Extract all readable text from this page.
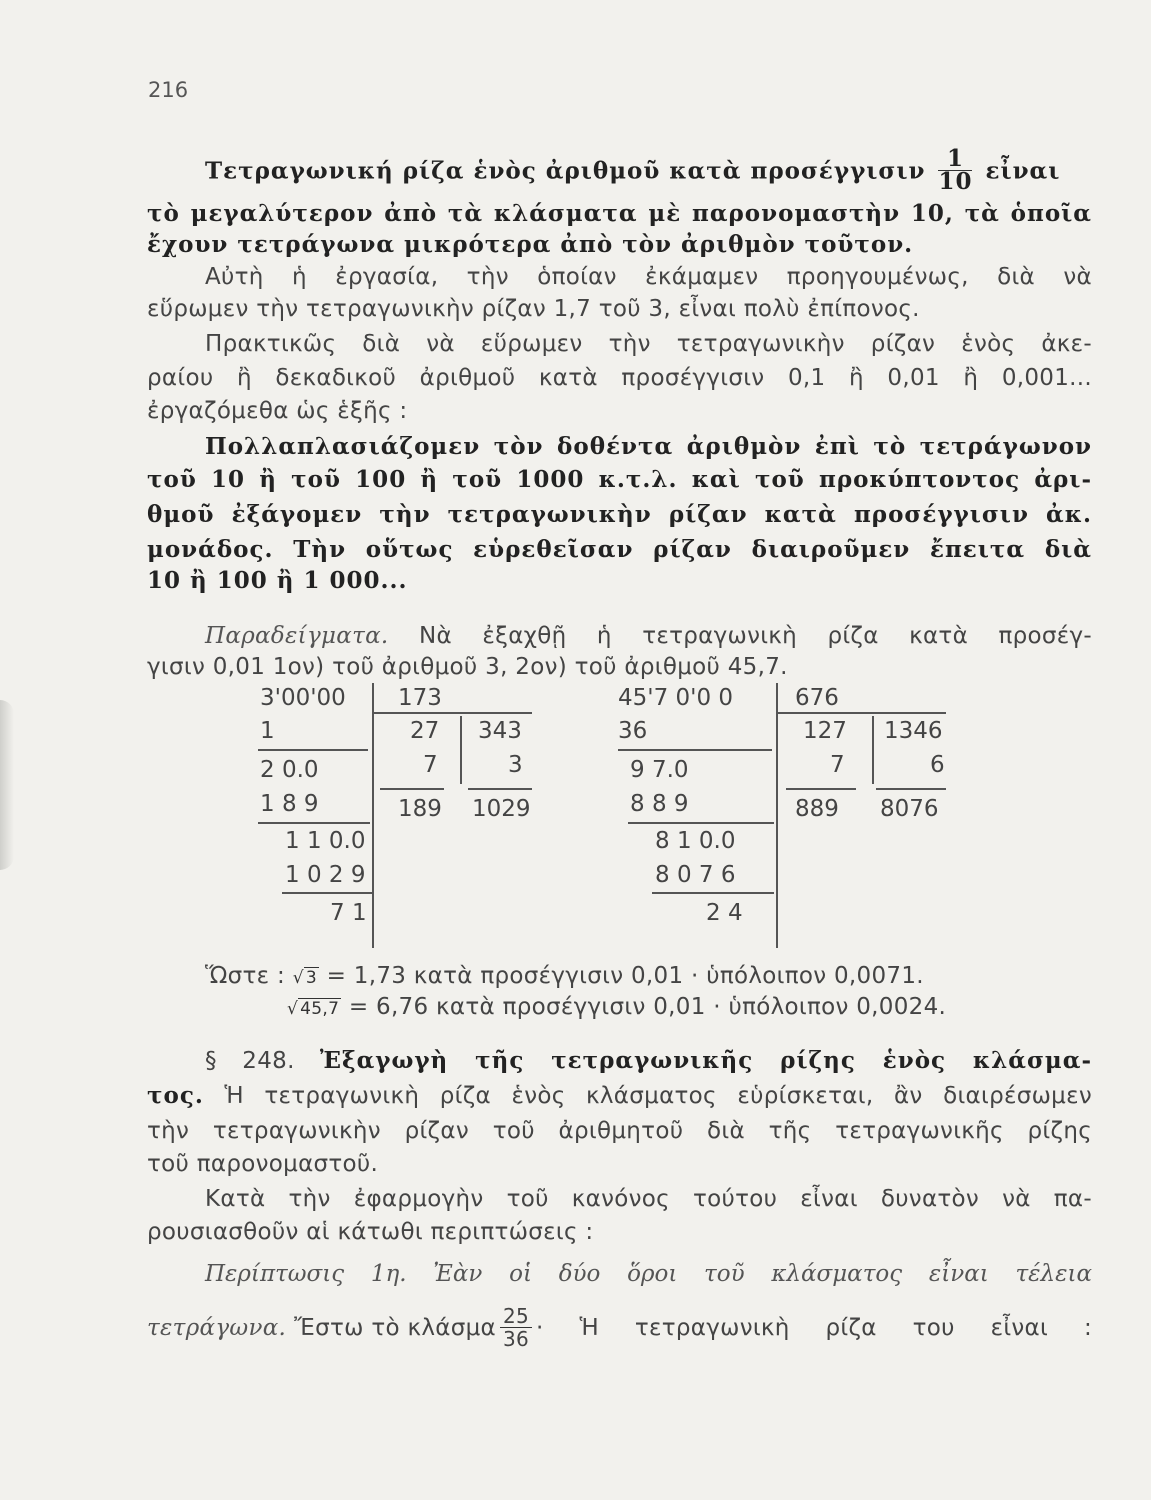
216
Τετραγωνική ρίζα ἑνὸς ἀριθμοῦ κατὰ προσέγγισιν $\frac{1}{10}$ εἶναι
τὸ μεγαλύτερον ἀπὸ τὰ κλάσματα μὲ παρονομαστὴν 10, τὰ ὁποῖα
ἔχουν τετράγωνα μικρότερα ἀπὸ τὸν ἀριθμὸν τοῦτον.
Αὐτὴ ἡ ἐργασία, τὴν ὁποίαν ἐκάμαμεν προηγουμένως, διὰ νὰ
εὕρωμεν τὴν τετραγωνικὴν ρίζαν 1,7 τοῦ 3, εἶναι πολὺ ἐπίπονος.
Πρακτικῶς διὰ νὰ εὕρωμεν τὴν τετραγωνικὴν ρίζαν ἑνὸς ἀκε-
ραίου ἢ δεκαδικοῦ ἀριθμοῦ κατὰ προσέγγισιν 0,1 ἢ 0,01 ἢ 0,001...
ἐργαζόμεθα ὡς ἑξῆς :
Πολλαπλασιάζομεν τὸν δοθέντα ἀριθμὸν ἐπὶ τὸ τετράγωνον
τοῦ 10 ἢ τοῦ 100 ἢ τοῦ 1000 κ.τ.λ. καὶ τοῦ προκύπτοντος ἀρι-
θμοῦ ἐξάγομεν τὴν τετραγωνικὴν ρίζαν κατὰ προσέγγισιν ἀκ.
μονάδος. Τὴν οὕτως εὑρεθεῖσαν ρίζαν διαιροῦμεν ἔπειτα διὰ
10 ἢ 100 ἢ 1 000...
Παραδείγματα. Νὰ ἐξαχθῇ ἡ τετραγωνικὴ ρίζα κατὰ προσέγ-
γισιν 0,01 1ον) τοῦ ἀριθμοῦ 3, 2ον) τοῦ ἀριθμοῦ 45,7.
3'00'00
1
2 0.0
1 8 9
1 1 0.0
1 0 2 9
7 1
173
27
7
189
343
3
1029
45'7 0'0 0
36
9 7.0
8 8 9
8 1 0.0
8 0 7 6
2 4
676
127
7
889
1346
6
8076
Ὥστε : √ 3 = 1,73 κατὰ προσέγγισιν 0,01 · ὑπόλοιπον 0,0071.
√ 45,7 = 6,76 κατὰ προσέγγισιν 0,01 · ὑπόλοιπον 0,0024.
§ 248. Ἐξαγωγὴ τῆς τετραγωνικῆς ρίζης ἑνὸς κλάσμα-
τος. Ἡ τετραγωνικὴ ρίζα ἑνὸς κλάσματος εὑρίσκεται, ἂν διαιρέσωμεν
τὴν τετραγωνικὴν ρίζαν τοῦ ἀριθμητοῦ διὰ τῆς τετραγωνικῆς ρίζης
τοῦ παρονομαστοῦ.
Κατὰ τὴν ἐφαρμογὴν τοῦ κανόνος τούτου εἶναι δυνατὸν νὰ πα-
ρουσιασθοῦν αἱ κάτωθι περιπτώσεις :
Περίπτωσις 1η. Ἐὰν οἱ δύο ὅροι τοῦ κλάσματος εἶναι τέλεια
τετράγωνα. Ἔστω τὸ κλάσμα $\frac{25}{36}$ · Ἡ τετραγωνικὴ ρίζα του εἶναι :
